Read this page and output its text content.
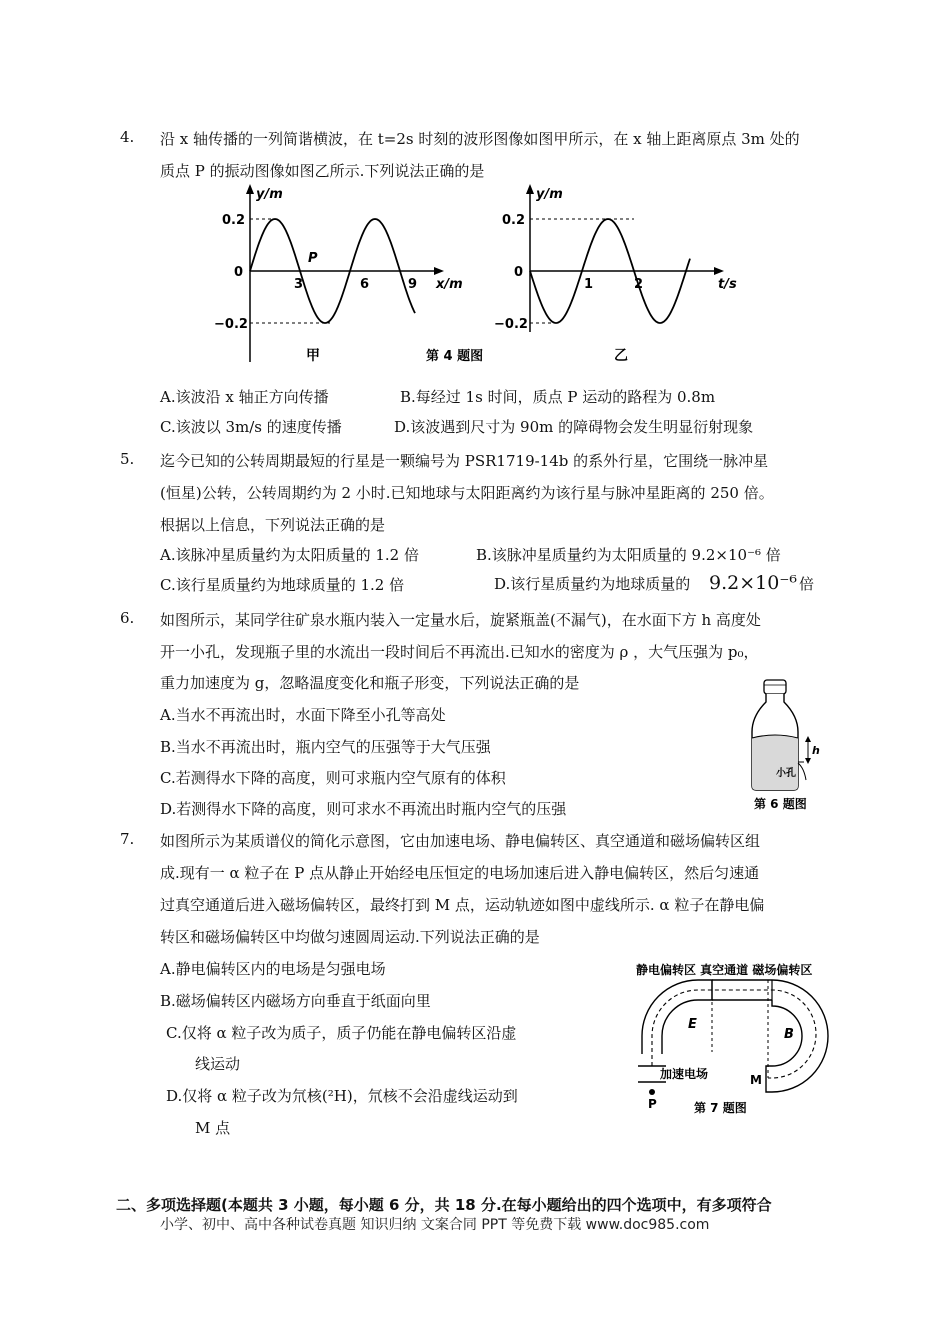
4. 沿 x 轴传播的一列简谐横波，在 t=2s 时刻的波形图像如图甲所示，在 x 轴上距离原点 3m 处的
质点 P 的振动图像如图乙所示.下列说法正确的是
y/m
0.2
0
−0.2
3	6	9
P
x/m
甲	第 4 题图
y/m
0.2
0
−0.2
1	2	t/s
乙
A.该波沿 x 轴正方向传播	B.每经过 1s 时间，质点 P 运动的路程为 0.8m
C.该波以 3m/s 的速度传播	D.该波遇到尺寸为 90m 的障碍物会发生明显衍射现象
5. 迄今已知的公转周期最短的行星是一颗编号为 PSR1719-14b 的系外行星，它围绕一脉冲星
(恒星)公转，公转周期约为 2 小时.已知地球与太阳距离约为该行星与脉冲星距离的 250 倍。
根据以上信息，下列说法正确的是
A.该脉冲星质量约为太阳质量的 1.2 倍	B.该脉冲星质量约为太阳质量的 9.2×10⁻⁶ 倍
C.该行星质量约为地球质量的 1.2 倍	D.该行星质量约为地球质量的 9.2×10⁻⁶ 倍
6. 如图所示，某同学往矿泉水瓶内装入一定量水后，旋紧瓶盖(不漏气)，在水面下方 h 高度处
开一小孔，发现瓶子里的水流出一段时间后不再流出.已知水的密度为 ρ ，大气压强为 p₀，
重力加速度为 g，忽略温度变化和瓶子形变，下列说法正确的是
A.当水不再流出时，水面下降至小孔等高处
B.当水不再流出时，瓶内空气的压强等于大气压强
C.若测得水下降的高度，则可求瓶内空气原有的体积
D.若测得水下降的高度，则可求水不再流出时瓶内空气的压强
h
小孔
第 6 题图
7. 如图所示为某质谱仪的简化示意图，它由加速电场、静电偏转区、真空通道和磁场偏转区组
成.现有一 α 粒子在 P 点从静止开始经电压恒定的电场加速后进入静电偏转区，然后匀速通
过真空通道后进入磁场偏转区，最终打到 M 点，运动轨迹如图中虚线所示. α 粒子在静电偏
转区和磁场偏转区中均做匀速圆周运动.下列说法正确的是
A.静电偏转区内的电场是匀强电场
B.磁场偏转区内磁场方向垂直于纸面向里
C.仅将 α 粒子改为质子，质子仍能在静电偏转区沿虚
线运动
D.仅将 α 粒子改为氘核(²H)，氘核不会沿虚线运动到
M 点
静电偏转区 真空通道 磁场偏转区
E
B
加速电场
P
M
第 7 题图
二、多项选择题(本题共 3 小题，每小题 6 分，共 18 分.在每小题给出的四个选项中，有多项符合
小学、初中、高中各种试卷真题 知识归纳 文案合同 PPT 等免费下载 www.doc985.com
